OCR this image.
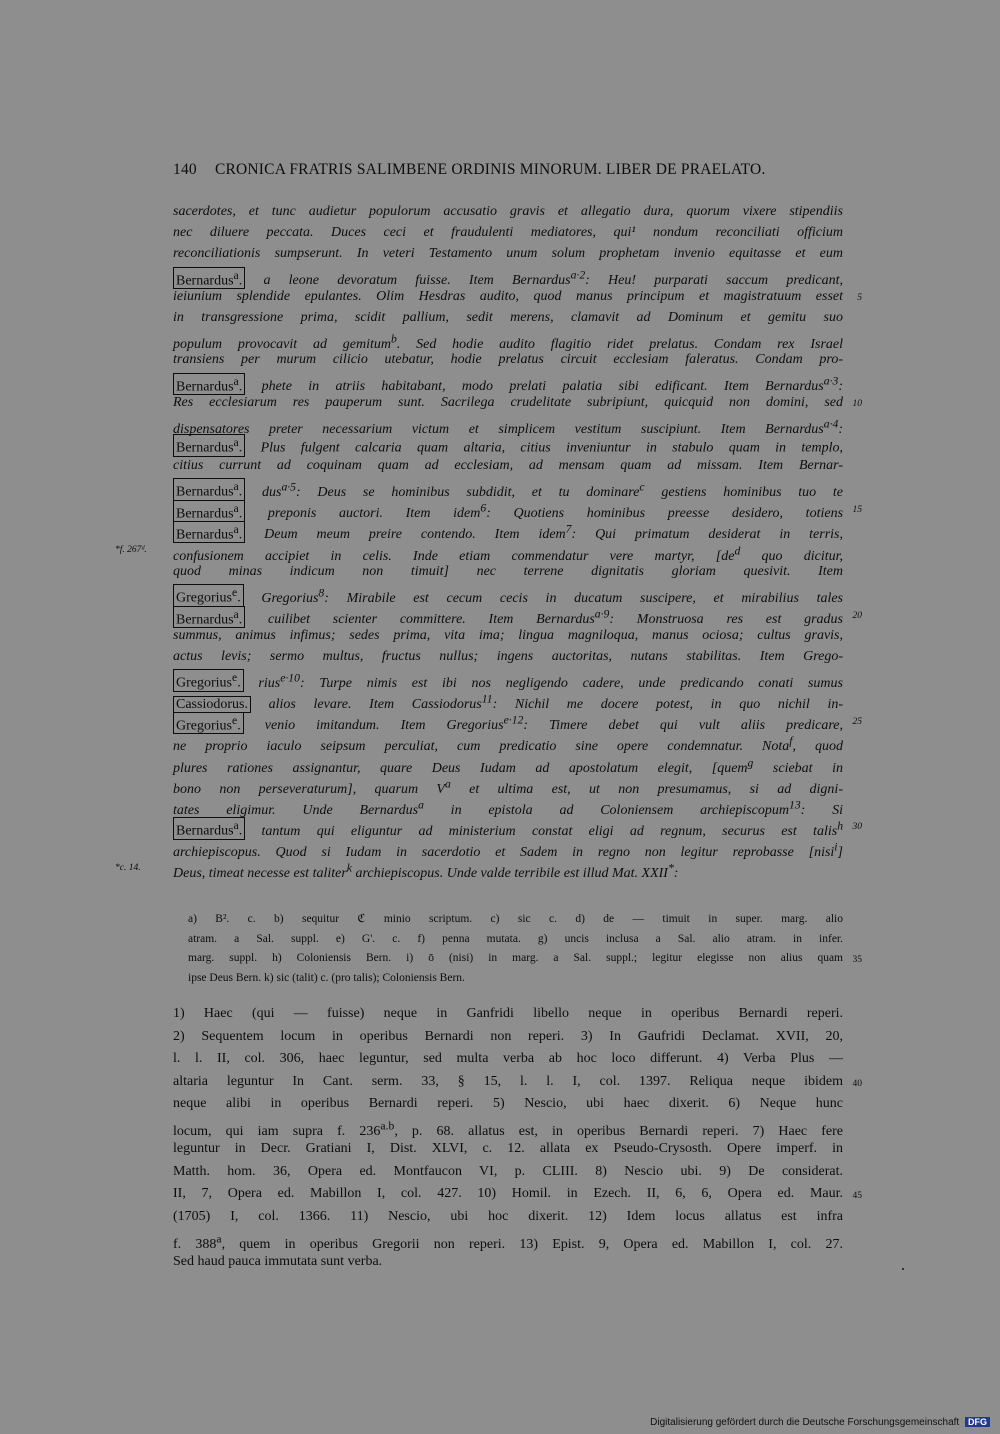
140 CRONICA FRATRIS SALIMBENE ORDINIS MINORUM. LIBER DE PRAELATO.
sacerdotes, et tunc audietur populorum accusatio gravis et allegatio dura, quorum vixere stipendiis
nec diluere peccata. Duces ceci et fraudulenti mediatores, qui¹ nondum reconciliati officium
reconciliationis sumpserunt. In veteri Testamento unum solum prophetam invenio equitasse et eum
Bernardus$^a$. a leone devoratum fuisse. Item Bernardus$^{a\cdot 2}$: Heu! purparati saccum predicant,
ieiunium splendide epulantes. Olim Hesdras audito, quod manus principum et magistratuum esset 5
in transgressione prima, scidit pallium, sedit merens, clamavit ad Dominum et gemitu suo
populum provocavit ad gemitum$^b$. Sed hodie audito flagitio ridet prelatus. Condam rex Israel
transiens per murum cilicio utebatur, hodie prelatus circuit ecclesiam faleratus. Condam pro-
Bernardus$^a$. phete in atriis habitabant, modo prelati palatia sibi edificant. Item Bernardus$^{a\cdot 3}$:
Res ecclesiarum res pauperum sunt. Sacrilega crudelitate subripiunt, quicquid non domini, sed 10
dispensatores preter necessarium victum et simplicem vestitum suscipiunt. Item Bernardus$^{a\cdot 4}$:
Bernardus$^a$. Plus fulgent calcaria quam altaria, citius inveniuntur in stabulo quam in templo,
citius currunt ad coquinam quam ad ecclesiam, ad mensam quam ad missam. Item Bernar-
Bernardus$^a$. dus$^{a\cdot 5}$: Deus se hominibus subdidit, et tu dominare$^c$ gestiens hominibus tuo te
Bernardus$^a$. preponis auctori. Item idem$^6$: Quotiens hominibus preesse desidero, totiens 15
Bernardus$^a$. Deum meum preire contendo. Item idem$^7$: Qui primatum desiderat in terris,
*f. 267ᵈ. confusionem accipiet in celis. Inde etiam commendatur vere martyr, [$de^d$ quo dicitur,
quod minas indicum non timuit] nec terrene dignitatis gloriam quesivit. Item
Gregorius$^e$. Gregorius$^8$: Mirabile est cecum cecis in ducatum suscipere, et mirabilius tales
Bernardus$^a$. cuilibet scienter committere. Item Bernardus$^{a\cdot 9}$: Monstruosa res est gradus 20
summus, animus infimus; sedes prima, vita ima; lingua magniloqua, manus ociosa; cultus gravis,
actus levis; sermo multus, fructus nullus; ingens auctoritas, nutans stabilitas. Item Grego-
Gregorius$^e$. rius$^{e\cdot 10}$: Turpe nimis est ibi nos negligendo cadere, unde predicando conati sumus
Cassiodorus. alios levare. Item Cassiodorus$^{11}$: Nichil me docere potest, in quo nichil in-
Gregorius$^e$. venio imitandum. Item Gregorius$^{e\cdot 12}$: Timere debet qui vult aliis predicare, 25
ne proprio iaculo seipsum perculiat, cum predicatio sine opere condemnatur. Nota$^f$, quod
plures rationes assignantur, quare Deus Iudam ad apostolatum elegit, [quem$^g$ sciebat in
bono non perseveraturum], quarum $V^a$ et ultima est, ut non presumamus, si ad digni-
tates eligimur. Unde Bernardus$^a$ in epistola ad Coloniensem archiepiscopum$^{13}$: Si
Bernardus$^a$. tantum qui eliguntur ad ministerium constat eligi ad regnum, securus est talis$^h$ 30
archiepiscopus. Quod si Iudam in sacerdotio et Sadem in regno non legitur reprobasse [nisi$^i$]
*c. 14. Deus, timeat necesse est taliter$^k$ archiepiscopus. Unde valde terribile est illud Mat. XXII*:
a) B². c. b) sequitur ℭ minio scriptum. c) sic c. d) de — timuit in super. marg. alio
atram. a Sal. suppl. e) G'. c. f) penna mutata. g) uncis inclusa a Sal. alio atram. in infer.
marg. suppl. h) Coloniensis Bern. i) ō (nisi) in marg. a Sal. suppl.; legitur elegisse non alius quam 35
ipse Deus Bern. k) sic (talit) c. (pro talis); Coloniensis Bern.
1) Haec (qui — fuisse) neque in Ganfridi libello neque in operibus Bernardi reperi.
2) Sequentem locum in operibus Bernardi non reperi. 3) In Gaufridi Declamat. XVII, 20,
l. l. II, col. 306, haec leguntur, sed multa verba ab hoc loco differunt. 4) Verba Plus —
altaria leguntur In Cant. serm. 33, § 15, l. l. I, col. 1397. Reliqua neque ibidem 40
neque alibi in operibus Bernardi reperi. 5) Nescio, ubi haec dixerit. 6) Neque hunc
locum, qui iam supra f. $236^{a.b}$, p. 68. allatus est, in operibus Bernardi reperi. 7) Haec fere
leguntur in Decr. Gratiani I, Dist. XLVI, c. 12. allata ex Pseudo-Crysosth. Opere imperf. in
Matth. hom. 36, Opera ed. Montfaucon VI, p. CLIII. 8) Nescio ubi. 9) De considerat.
II, 7, Opera ed. Mabillon I, col. 427. 10) Homil. in Ezech. II, 6, 6, Opera ed. Maur. 45
(1705) I, col. 1366. 11) Nescio, ubi hoc dixerit. 12) Idem locus allatus est infra
f. 388$^a$, quem in operibus Gregorii non reperi. 13) Epist. 9, Opera ed. Mabillon I, col. 27.
Sed haud pauca immutata sunt verba.
Digitalisierung gefördert durch die Deutsche Forschungsgemeinschaft DFG
